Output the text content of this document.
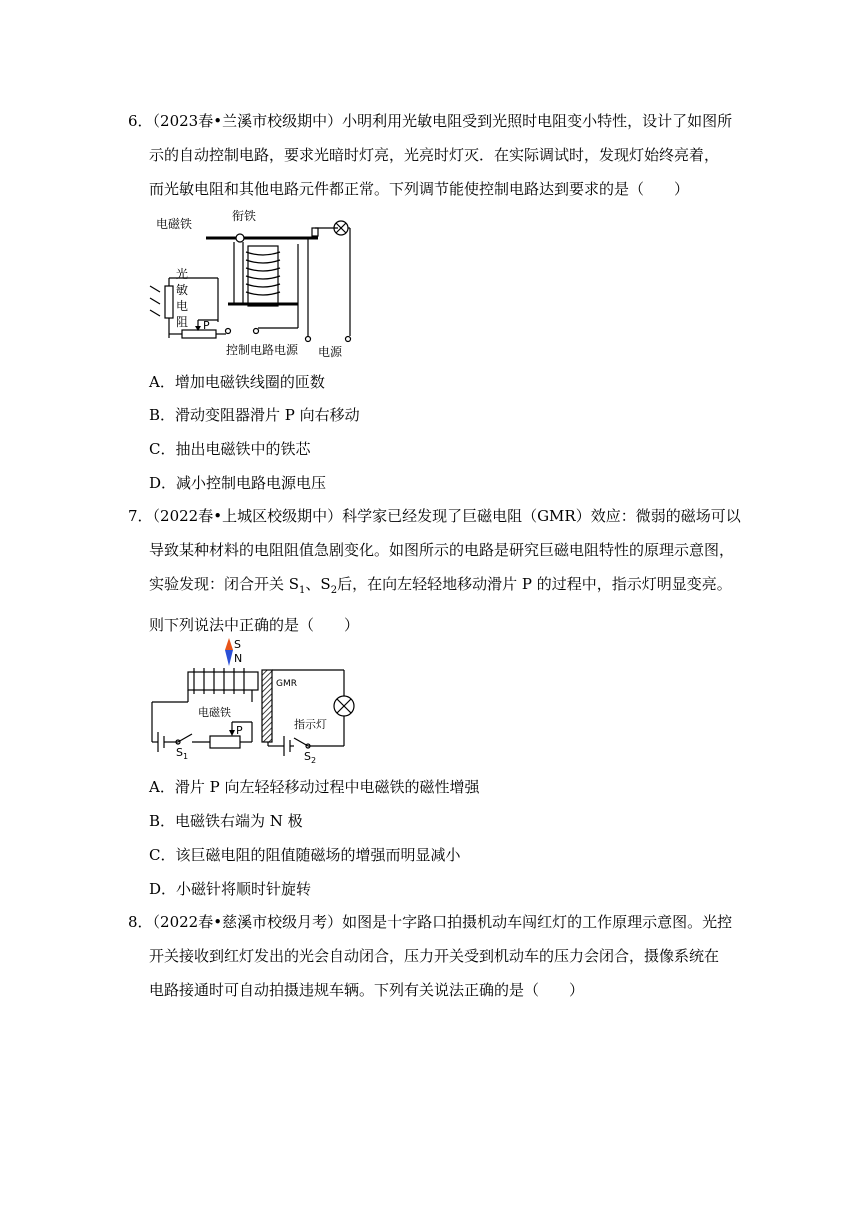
6．（2023春•兰溪市校级期中）小明利用光敏电阻受到光照时电阻变小特性，设计了如图所
示的自动控制电路，要求光暗时灯亮，光亮时灯灭．在实际调试时，发现灯始终亮着，
而光敏电阻和其他电路元件都正常。下列调节能使控制电路达到要求的是（　　）
电磁铁
衔铁
光
敏
电
阻 P
控制电路电源 电源
A．增加电磁铁线圈的匝数
B．滑动变阻器滑片 P 向右移动
C．抽出电磁铁中的铁芯
D．减小控制电路电源电压
7．（2022春•上城区校级期中）科学家已经发现了巨磁电阻（GMR）效应：微弱的磁场可以
导致某种材料的电阻阻值急剧变化。如图所示的电路是研究巨磁电阻特性的原理示意图，
实验发现：闭合开关 $S_1$、$S_2$后，在向左轻轻地移动滑片 P 的过程中，指示灯明显变亮。
则下列说法中正确的是（　　）
S
N
GMR
电磁铁
P
$S_1$
指示灯
$S_2$
A．滑片 P 向左轻轻移动过程中电磁铁的磁性增强
B．电磁铁右端为 N 极
C．该巨磁电阻的阻值随磁场的增强而明显减小
D．小磁针将顺时针旋转
8．（2022春•慈溪市校级月考）如图是十字路口拍摄机动车闯红灯的工作原理示意图。光控
开关接收到红灯发出的光会自动闭合，压力开关受到机动车的压力会闭合，摄像系统在
电路接通时可自动拍摄违规车辆。下列有关说法正确的是（　　）
